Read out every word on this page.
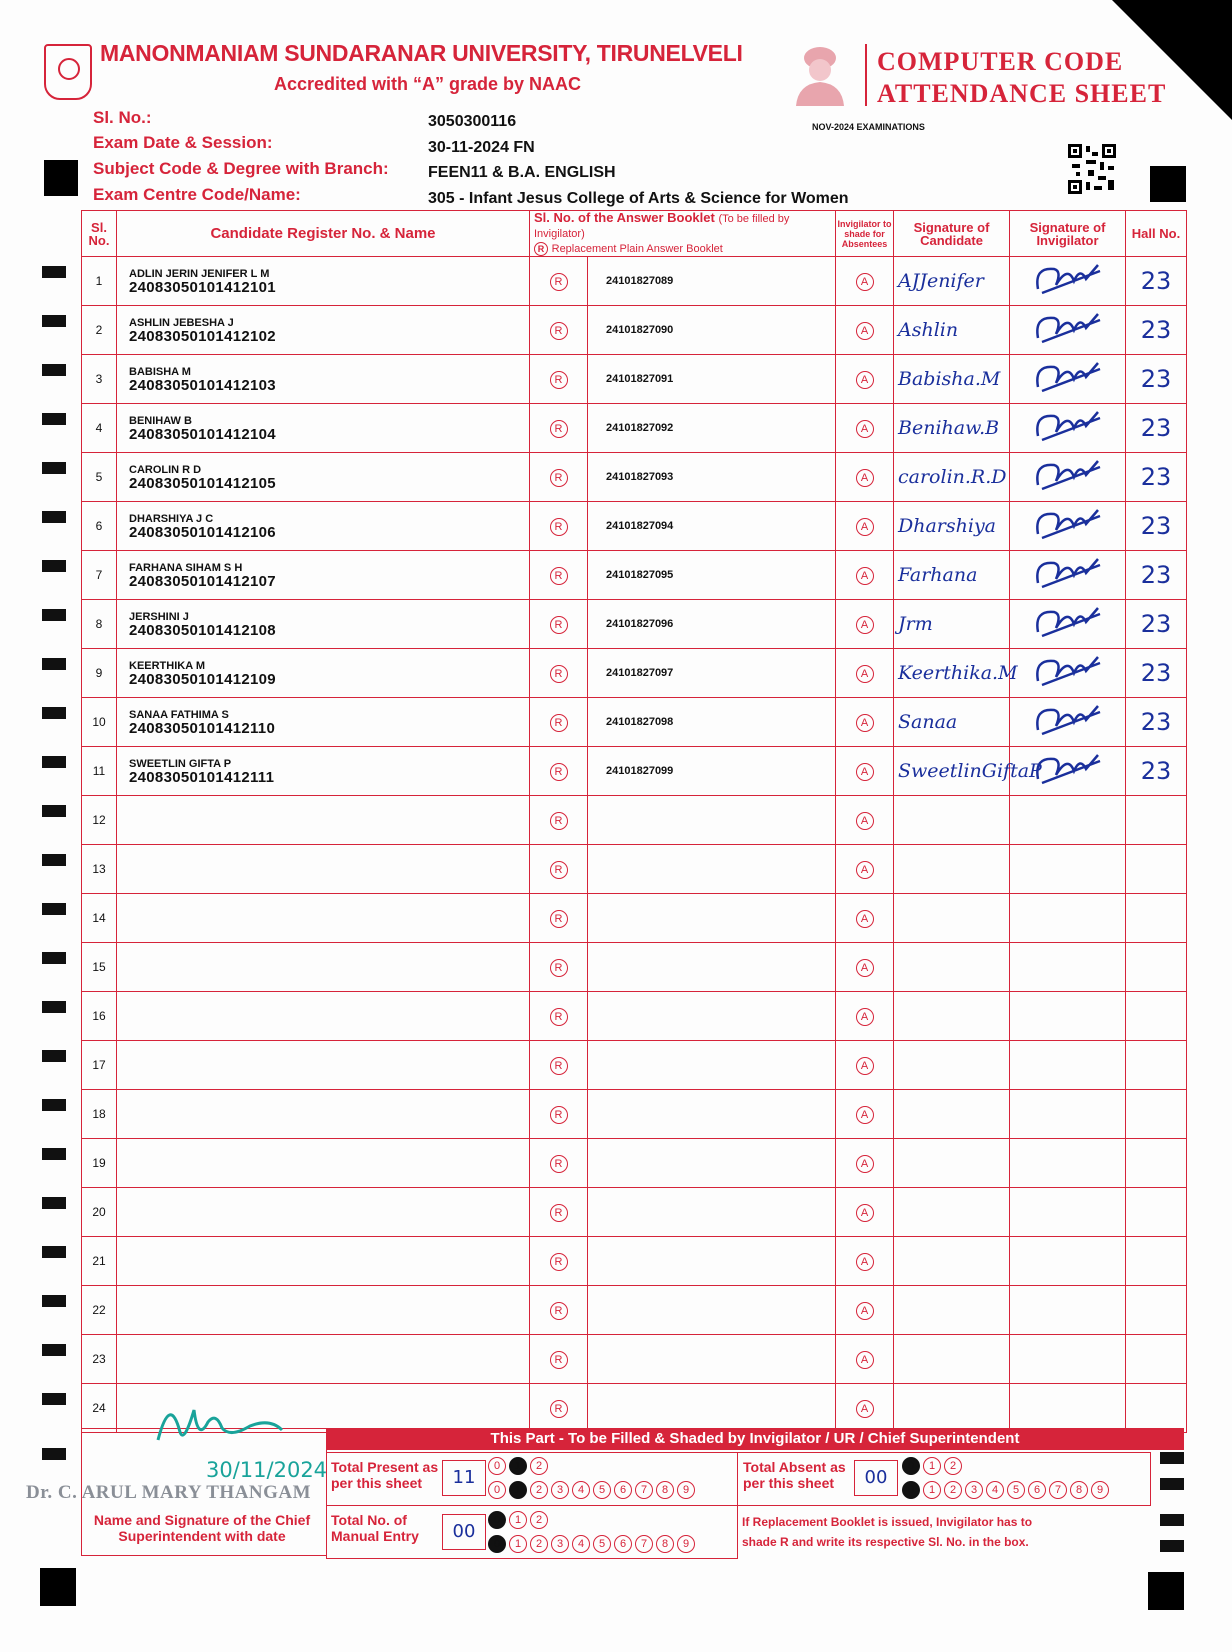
MANONMANIAM SUNDARANAR UNIVERSITY, TIRUNELVELI
Accredited with “A” grade by NAAC
COMPUTER CODE
ATTENDANCE SHEET
Sl. No.:	3050300116	NOV-2024 EXAMINATIONS
Exam Date & Session:	30-11-2024 FN
Subject Code & Degree with Branch: FEEN11 & B.A. ENGLISH
Exam Centre Code/Name:	305 - Infant Jesus College of Arts & Science for Women
Sl. No.	Candidate Register No. & Name	Sl. No. of the Answer Booklet (To be filled by Invigilator)
R Replacement Plain Answer Booklet		Invigilator to shade for Absentees	Signature of Candidate	Signature of Invigilator	Hall No.
1	ADLIN JERIN JENIFER L M
24083050101412101	R	24101827089	A	AJJenifer		23
2	ASHLIN JEBESHA J
24083050101412102	R	24101827090	A	Ashlin		23
3	BABISHA M
24083050101412103	R	24101827091	A	Babisha.M		23
4	BENIHAW B
24083050101412104	R	24101827092	A	Benihaw.B		23
5	CAROLIN R D
24083050101412105	R	24101827093	A	carolin.R.D		23
6	DHARSHIYA J C
24083050101412106	R	24101827094	A	Dharshiya		23
7	FARHANA SIHAM S H
24083050101412107	R	24101827095	A	Farhana		23
8	JERSHINI J
24083050101412108	R	24101827096	A	Jrm		23
9	KEERTHIKA M
24083050101412109	R	24101827097	A	Keerthika.M		23
10	SANAA FATHIMA S
24083050101412110	R	24101827098	A	Sanaa		23
11	SWEETLIN GIFTA P
24083050101412111	R	24101827099	A	SweetlinGiftaP		23
12		R		A			
13		R		A			
14		R		A			
15		R		A			
16		R		A			
17		R		A			
18		R		A			
19		R		A			
20		R		A			
21		R		A			
22		R		A			
23		R		A			
24		R		A			
This Part - To be Filled & Shaded by Invigilator / UR / Chief Superintendent
30/11/2024
Dr. C. ARUL MARY THANGAM
Name and Signature of the Chief Superintendent with date
Total Present as per this sheet	11
0 1 2
0 1 2 3 4 5 6 7 8 9
Total Absent as per this sheet	00
0 1 2
0 1 2 3 4 5 6 7 8 9
Total No. of Manual Entry	00
0 1 2
0 1 2 3 4 5 6 7 8 9
If Replacement Booklet is issued, Invigilator has to shade R and write its respective Sl. No. in the box.
